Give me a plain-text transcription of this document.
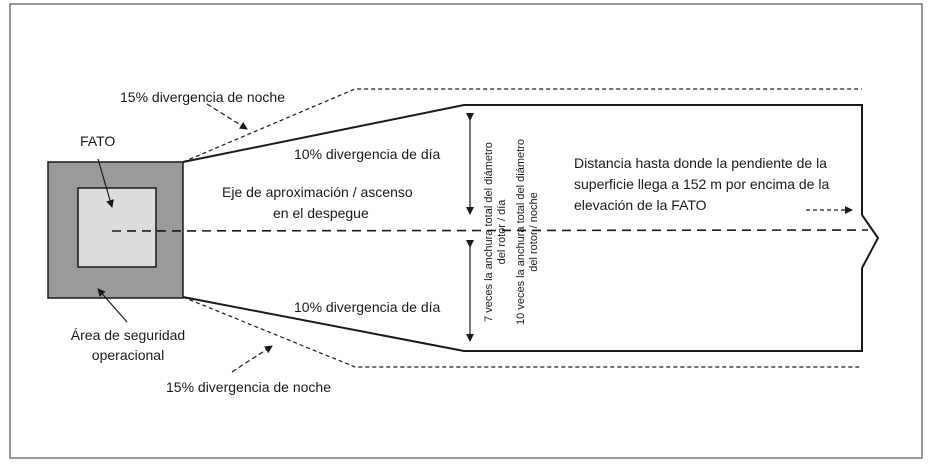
15% divergencia de noche
FATO
10% divergencia de día
Eje de aproximación / ascenso
en el despegue
Distancia hasta donde la pendiente de la
superficie llega a 152 m por encima de la
elevación de la FATO
10% divergencia de día
Área de seguridad
operacional
15% divergencia de noche
7 veces la anchura total del diámetro del rotor / día 10 veces la anchura total del diámetro del rotor / noche
